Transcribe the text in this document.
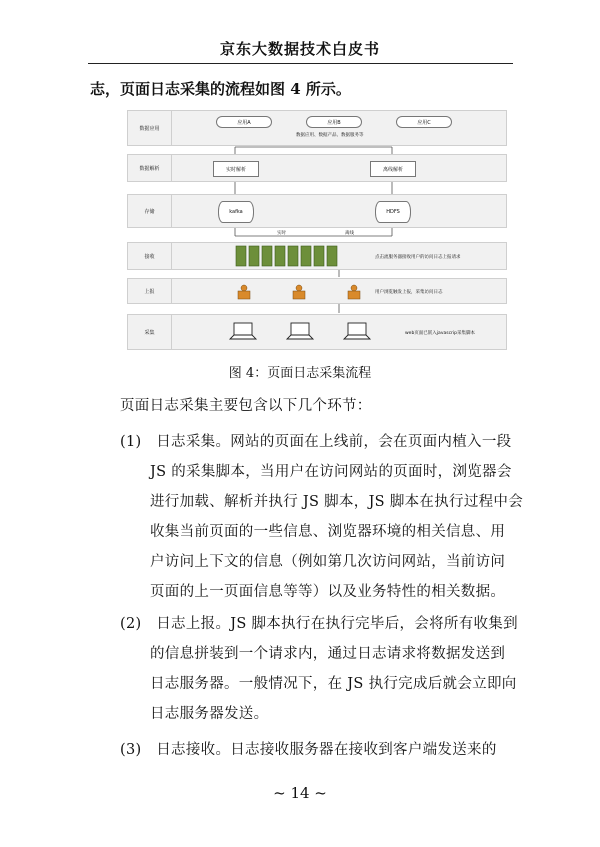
京东大数据技术白皮书
志，页面日志采集的流程如图 4 所示。
数据应用
应用A	应用B	应用C
数据应用、数据产品、数据服务等
数据解析	实时解析	离线解析
存储	kafka	HDFS
实时	离线
接收	点击流服务器接收用户的访问日志上报请求
上报	用户浏览触发上报，采集访问日志
采集	web页面已嵌入javascrip采集脚本
图 4：页面日志采集流程
页面日志采集主要包含以下几个环节：
(1)　日志采集。网站的页面在上线前，会在页面内植入一段
JS 的采集脚本，当用户在访问网站的页面时，浏览器会
进行加载、解析并执行 JS 脚本，JS 脚本在执行过程中会
收集当前页面的一些信息、浏览器环境的相关信息、用
户访问上下文的信息（例如第几次访问网站，当前访问
页面的上一页面信息等等）以及业务特性的相关数据。
(2)　日志上报。JS 脚本执行在执行完毕后，会将所有收集到
的信息拼装到一个请求内，通过日志请求将数据发送到
日志服务器。一般情况下，在 JS 执行完成后就会立即向
日志服务器发送。
(3)　日志接收。日志接收服务器在接收到客户端发送来的
~ 14 ~
